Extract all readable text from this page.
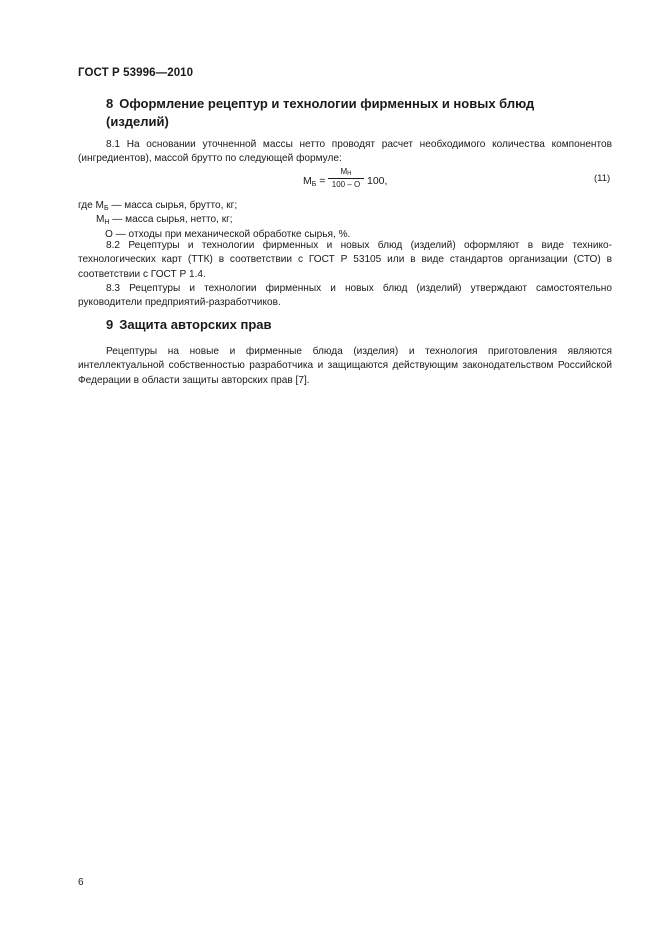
ГОСТ Р 53996—2010
8 Оформление рецептур и технологии фирменных и новых блюд
(изделий)
8.1 На основании уточненной массы нетто проводят расчет необходимого количества компонентов (ингредиентов), массой брутто по следующей формуле:
$М_Б$ =
$М_Н$
100 – О 100,	(11)
где $М_Б$ — масса сырья, брутто, кг;
$М_Н$ — масса сырья, нетто, кг;
О — отходы при механической обработке сырья, %.
8.2 Рецептуры и технологии фирменных и новых блюд (изделий) оформляют в виде технико-технологических карт (ТТК) в соответствии с ГОСТ Р 53105 или в виде стандартов организации (СТО) в соответствии с ГОСТ Р 1.4.
8.3 Рецептуры и технологии фирменных и новых блюд (изделий) утверждают самостоятельно руководители предприятий-разработчиков.
9 Защита авторских прав
Рецептуры на новые и фирменные блюда (изделия) и технология приготовления являются интеллектуальной собственностью разработчика и защищаются действующим законодательством Российской Федерации в области защиты авторских прав [7].
6
